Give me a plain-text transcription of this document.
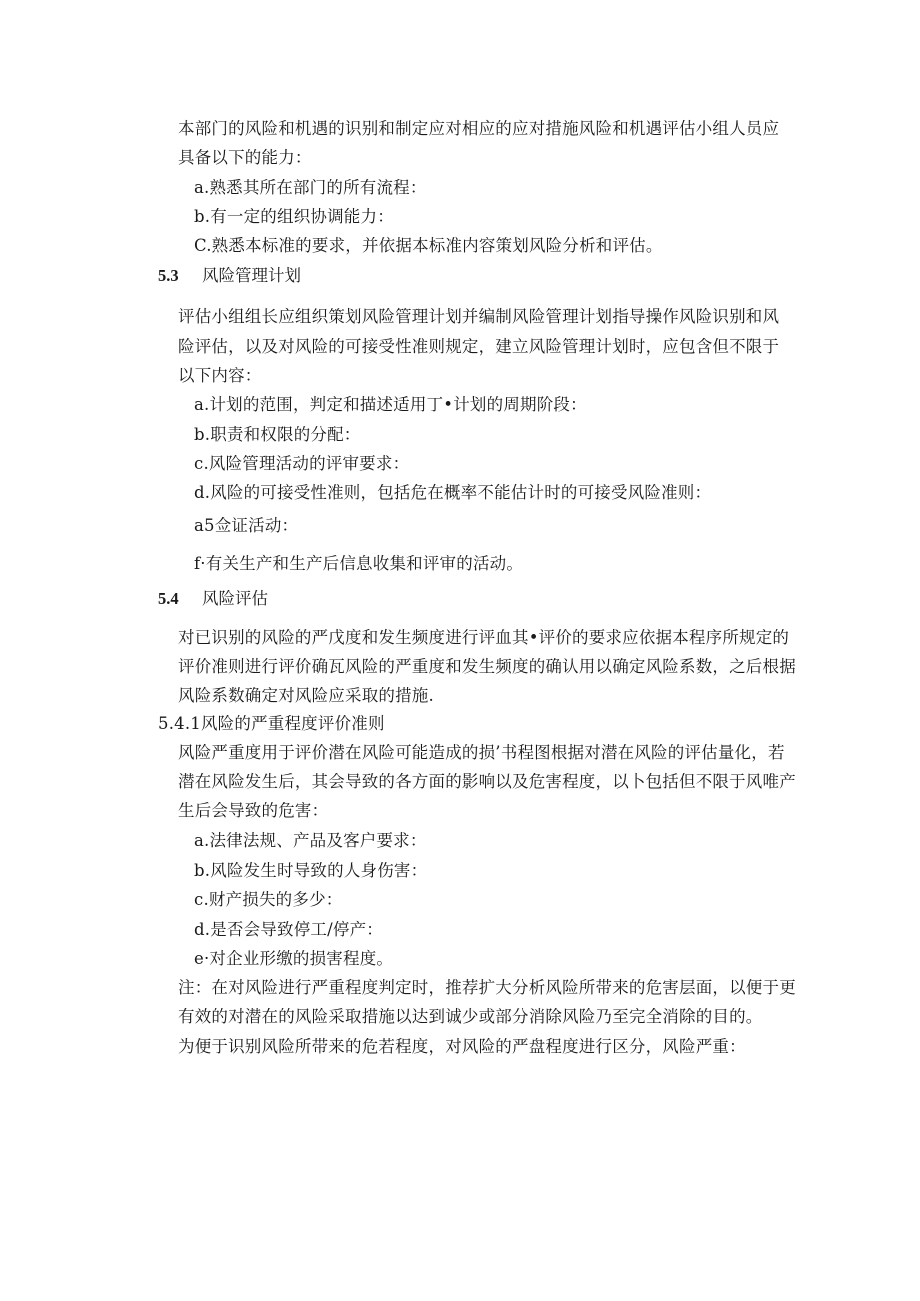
本部门的风险和机遇的识别和制定应对相应的应对措施风险和机遇评估小组人员应
具备以下的能力：
a.熟悉其所在部门的所有流程：
b.有一定的组织协调能力：
C.熟悉本标准的要求，并依据本标准内容策划风险分析和评估。
5.3 风险管理计划
评估小组组长应组织策划风险管理计划并编制风险管理计划指导操作风险识别和风
险评估，以及对风险的可接受性准则规定，建立风险管理计划时，应包含但不限于
以下内容：
a.计划的范围，判定和描述适用丁•计划的周期阶段：
b.职责和权限的分配：
c.风险管理活动的评审要求：
d.风险的可接受性准则，包括危在概率不能估计时的可接受风险准则：
a5佥证活动：
f·有关生产和生产后信息收集和评审的活动。
5.4 风险评估
对已识别的风险的严戊度和发生频度进行评血其•评价的要求应依据本程序所规定的
评价准则进行评价确瓦风险的严重度和发生频度的确认用以确定风险系数，之后根据
风险系数确定对风险应采取的措施.
5.4.1风险的严重程度评价准则
风险严重度用于评价潜在风险可能造成的损’书程图根据对潜在风险的评估量化，若
潜在风险发生后，其会导致的各方面的影响以及危害程度，以卜包括但不限于风唯产
生后会导致的危害：
a.法律法规、产品及客户要求：
b.风险发生时导致的人身伤害：
c.财产损失的多少：
d.是否会导致停工/停产：
e·对企业形缴的损害程度。
注：在对风险进行严重程度判定时，推荐扩大分析风险所带来的危害层面，以便于更
有效的对潜在的风险采取措施以达到诚少或部分消除风险乃至完全消除的目的。
为便于识别风险所带来的危若程度，对风险的严盘程度进行区分，风险严重：
